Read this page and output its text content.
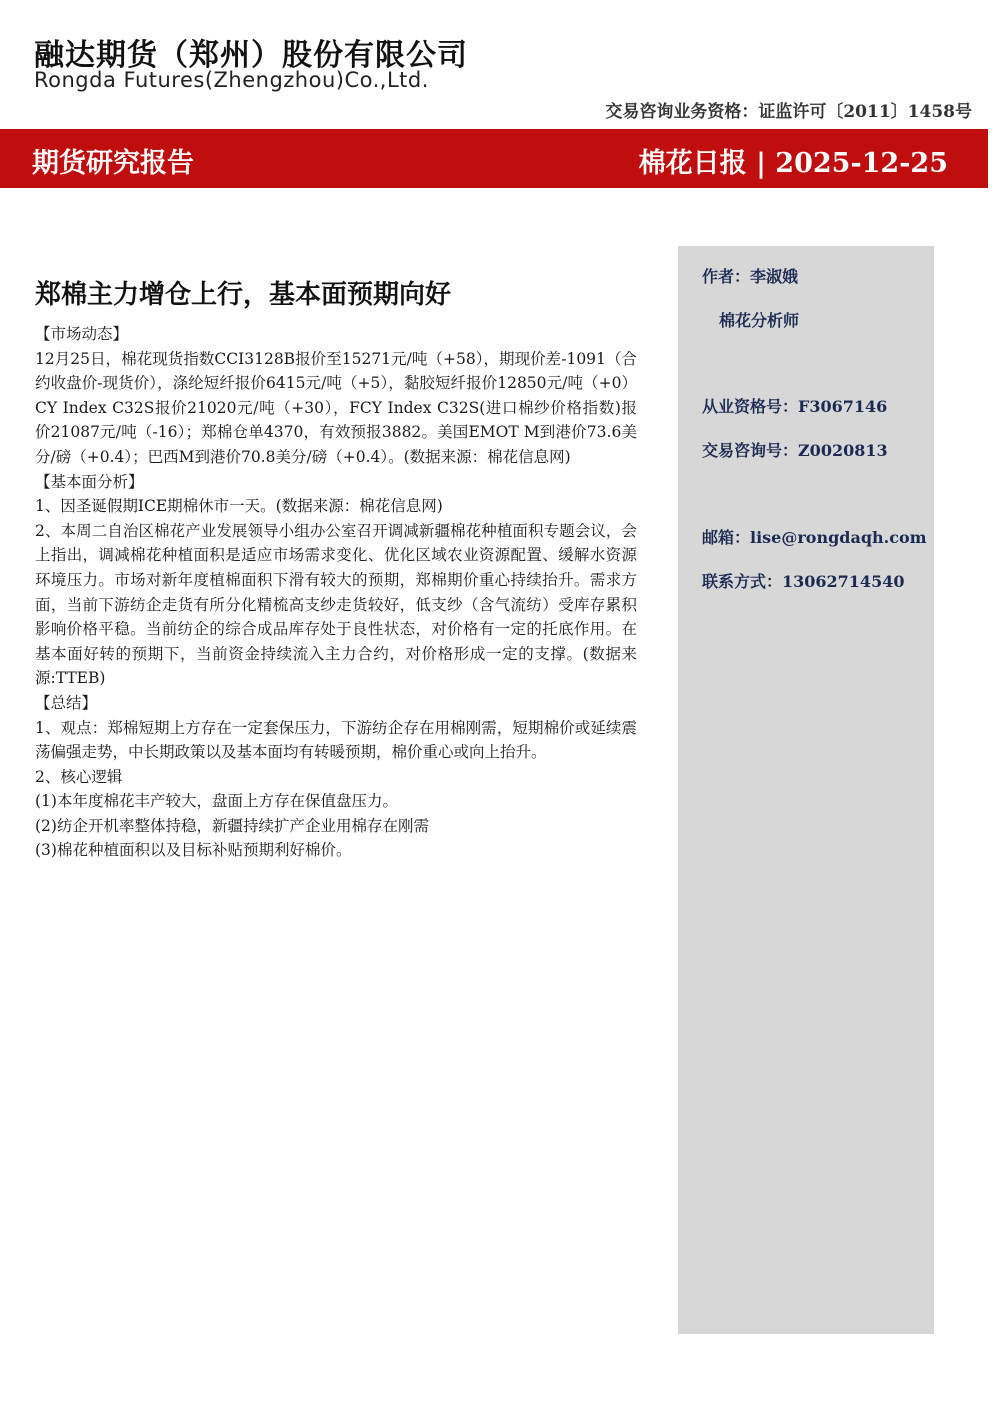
融达期货（郑州）股份有限公司
Rongda Futures(Zhengzhou)Co.,Ltd.
交易咨询业务资格：证监许可〔2011〕1458号
期货研究报告	棉花日报 | 2025-12-25
作者：李淑娥
棉花分析师
从业资格号：F3067146
交易咨询号：Z0020813
邮箱：lise@rongdaqh.com
联系方式：13062714540
郑棉主力增仓上行，基本面预期向好

【市场动态】

12月25日，棉花现货指数CCI3128B报价至15271元/吨（+58），期现价差-1091（合约收盘价-现货价），涤纶短纤报价6415元/吨（+5），黏胶短纤报价12850元/吨（+0）CY Index C32S报价21020元/吨（+30），FCY Index C32S(进口棉纱价格指数)报价21087元/吨（-16）；郑棉仓单4370，有效预报3882。美国EMOT M到港价73.6美分/磅（+0.4）；巴西M到港价70.8美分/磅（+0.4）。(数据来源：棉花信息网)

【基本面分析】

1、因圣诞假期ICE期棉休市一天。(数据来源：棉花信息网)

2、本周二自治区棉花产业发展领导小组办公室召开调减新疆棉花种植面积专题会议，会上指出，调减棉花种植面积是适应市场需求变化、优化区域农业资源配置、缓解水资源环境压力。市场对新年度植棉面积下滑有较大的预期，郑棉期价重心持续抬升。需求方面，当前下游纺企走货有所分化精梳高支纱走货较好，低支纱（含气流纺）受库存累积影响价格平稳。当前纺企的综合成品库存处于良性状态，对价格有一定的托底作用。在基本面好转的预期下，当前资金持续流入主力合约，对价格形成一定的支撑。(数据来源:TTEB)

【总结】

1、观点：郑棉短期上方存在一定套保压力，下游纺企存在用棉刚需，短期棉价或延续震荡偏强走势，中长期政策以及基本面均有转暖预期，棉价重心或向上抬升。

2、核心逻辑

(1)本年度棉花丰产较大，盘面上方存在保值盘压力。

(2)纺企开机率整体持稳，新疆持续扩产企业用棉存在刚需

(3)棉花种植面积以及目标补贴预期利好棉价。
